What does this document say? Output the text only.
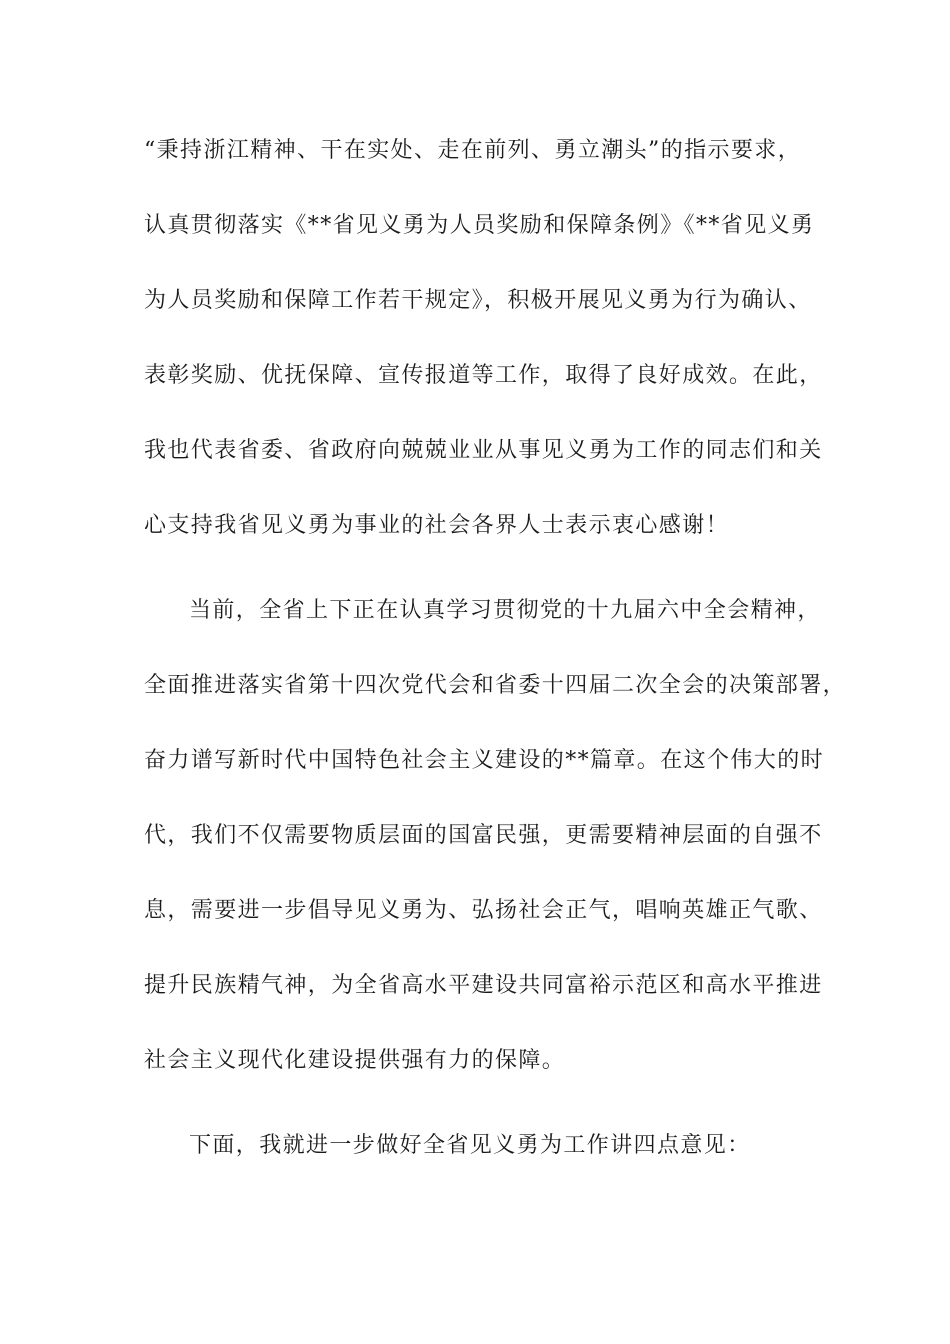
“秉持浙江精神、干在实处、走在前列、勇立潮头”的指示要求，
认真贯彻落实《**省见义勇为人员奖励和保障条例》《**省见义勇
为人员奖励和保障工作若干规定》，积极开展见义勇为行为确认、
表彰奖励、优抚保障、宣传报道等工作，取得了良好成效。在此，
我也代表省委、省政府向兢兢业业从事见义勇为工作的同志们和关
心支持我省见义勇为事业的社会各界人士表示衷心感谢！
当前，全省上下正在认真学习贯彻党的十九届六中全会精神，
全面推进落实省第十四次党代会和省委十四届二次全会的决策部署，
奋力谱写新时代中国特色社会主义建设的**篇章。在这个伟大的时
代，我们不仅需要物质层面的国富民强，更需要精神层面的自强不
息，需要进一步倡导见义勇为、弘扬社会正气，唱响英雄正气歌、
提升民族精气神，为全省高水平建设共同富裕示范区和高水平推进
社会主义现代化建设提供强有力的保障。
下面，我就进一步做好全省见义勇为工作讲四点意见：
